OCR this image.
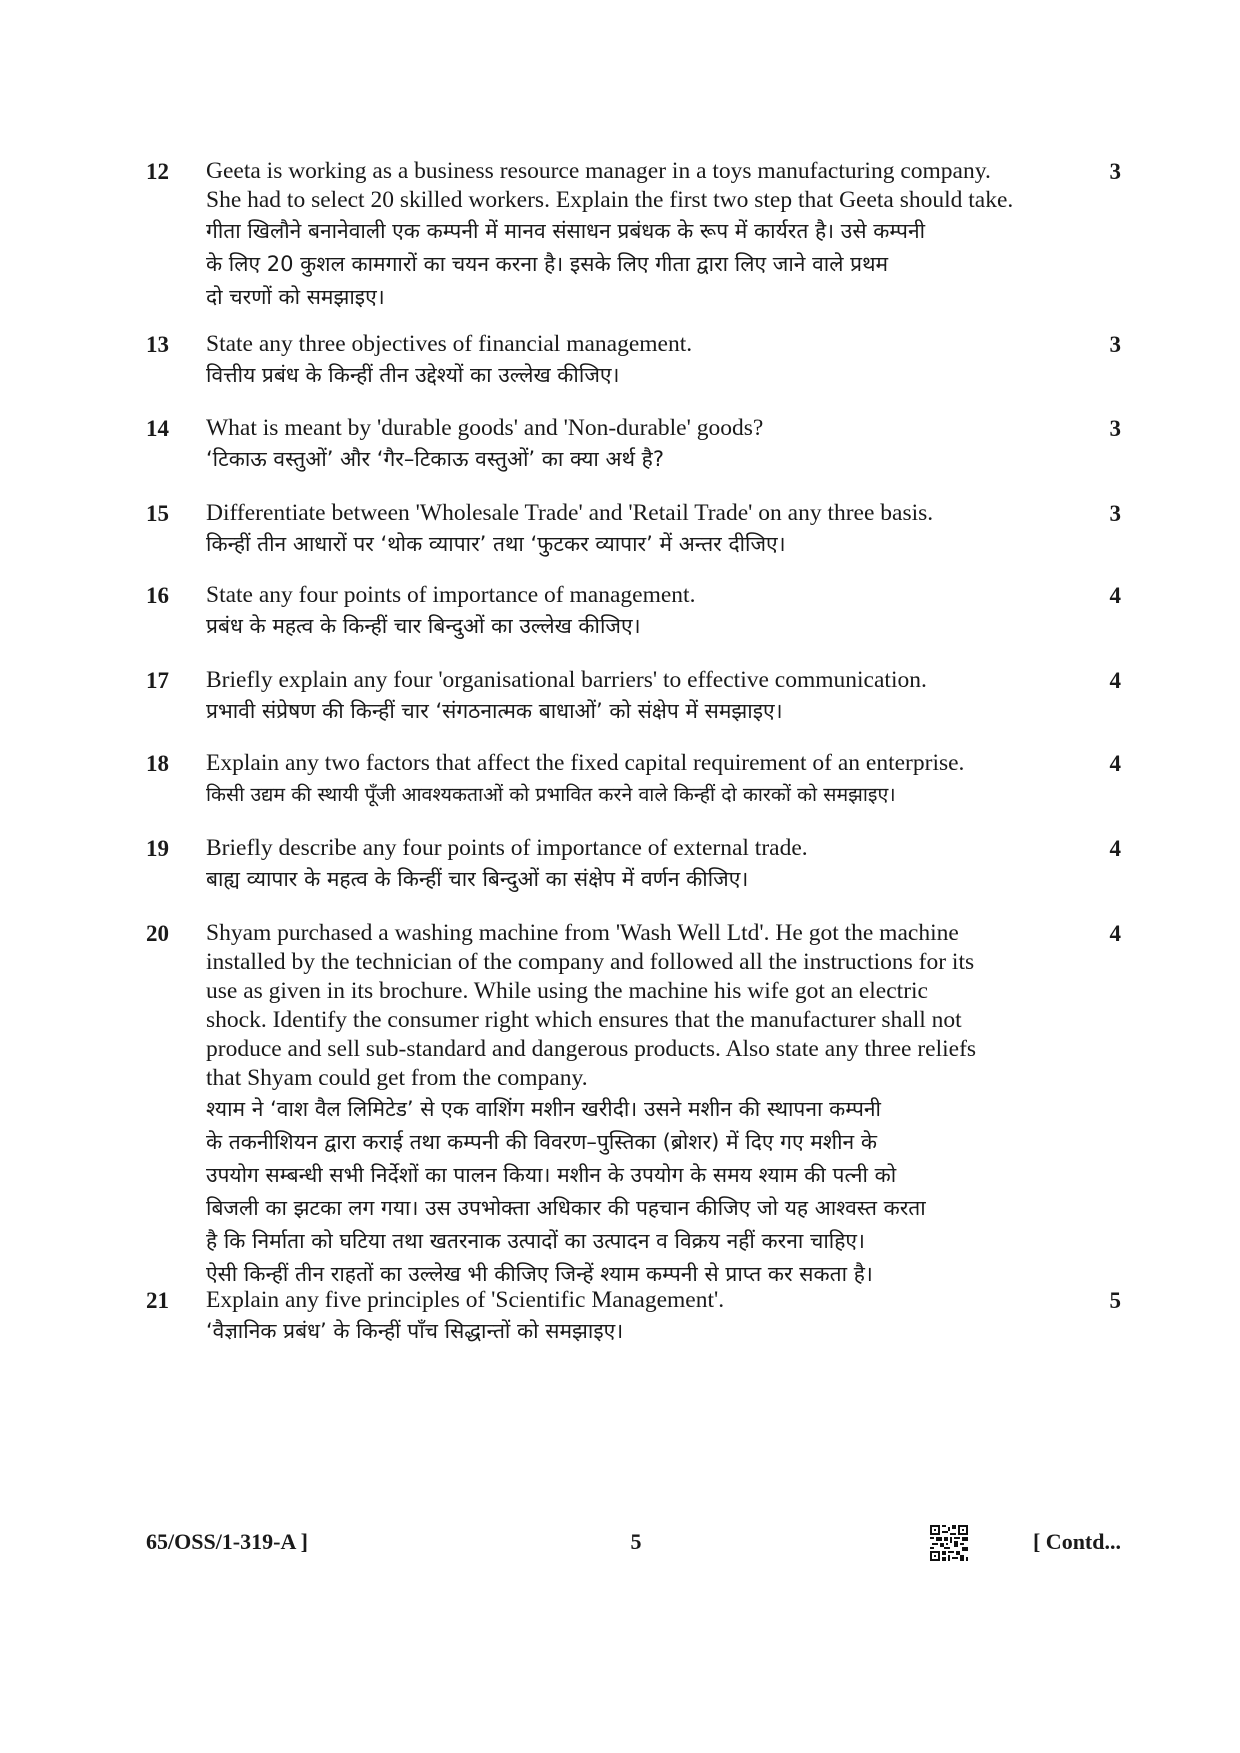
12	Geeta is working as a business resource manager in a toys manufacturing company.
She had to select 20 skilled workers. Explain the first two step that Geeta should take.

गीता खिलौने बनानेवाली एक कम्पनी में मानव संसाधन प्रबंधक के रूप में कार्यरत है। उसे कम्पनी
के लिए 20 कुशल कामगारों का चयन करना है। इसके लिए गीता द्वारा लिए जाने वाले प्रथम
दो चरणों को समझाइए।

3
13	State any three objectives of financial management.

वित्तीय प्रबंध के किन्हीं तीन उद्देश्यों का उल्लेख कीजिए।

3
14	What is meant by 'durable goods' and 'Non-durable' goods?

‘टिकाऊ वस्तुओं’ और ‘गैर–टिकाऊ वस्तुओं’ का क्या अर्थ है?

3
15	Differentiate between 'Wholesale Trade' and 'Retail Trade' on any three basis.

किन्हीं तीन आधारों पर ‘थोक व्यापार’ तथा ‘फुटकर व्यापार’ में अन्तर दीजिए।

3
16	State any four points of importance of management.

प्रबंध के महत्व के किन्हीं चार बिन्दुओं का उल्लेख कीजिए।

4
17	Briefly explain any four 'organisational barriers' to effective communication.

प्रभावी संप्रेषण की किन्हीं चार ‘संगठनात्मक बाधाओं’ को संक्षेप में समझाइए।

4
18	Explain any two factors that affect the fixed capital requirement of an enterprise.

किसी उद्यम की स्थायी पूँजी आवश्यकताओं को प्रभावित करने वाले किन्हीं दो कारकों को समझाइए।

4
19	Briefly describe any four points of importance of external trade.

बाह्य व्यापार के महत्व के किन्हीं चार बिन्दुओं का संक्षेप में वर्णन कीजिए।

4
20	Shyam purchased a washing machine from 'Wash Well Ltd'. He got the machine
installed by the technician of the company and followed all the instructions for its
use as given in its brochure. While using the machine his wife got an electric
shock. Identify the consumer right which ensures that the manufacturer shall not
produce and sell sub-standard and dangerous products. Also state any three reliefs
that Shyam could get from the company.

श्याम ने ‘वाश वैल लिमिटेड’ से एक वाशिंग मशीन खरीदी। उसने मशीन की स्थापना कम्पनी
के तकनीशियन द्वारा कराई तथा कम्पनी की विवरण–पुस्तिका (ब्रोशर) में दिए गए मशीन के
उपयोग सम्बन्धी सभी निर्देशों का पालन किया। मशीन के उपयोग के समय श्याम की पत्नी को
बिजली का झटका लग गया। उस उपभोक्ता अधिकार की पहचान कीजिए जो यह आश्वस्त करता
है कि निर्माता को घटिया तथा खतरनाक उत्पादों का उत्पादन व विक्रय नहीं करना चाहिए।
ऐसी किन्हीं तीन राहतों का उल्लेख भी कीजिए जिन्हें श्याम कम्पनी से प्राप्त कर सकता है।

4
21	Explain any five principles of 'Scientific Management'.

‘वैज्ञानिक प्रबंध’ के किन्हीं पाँच सिद्धान्तों को समझाइए।

5
65/OSS/1-319-A ]	5	[ Contd...
